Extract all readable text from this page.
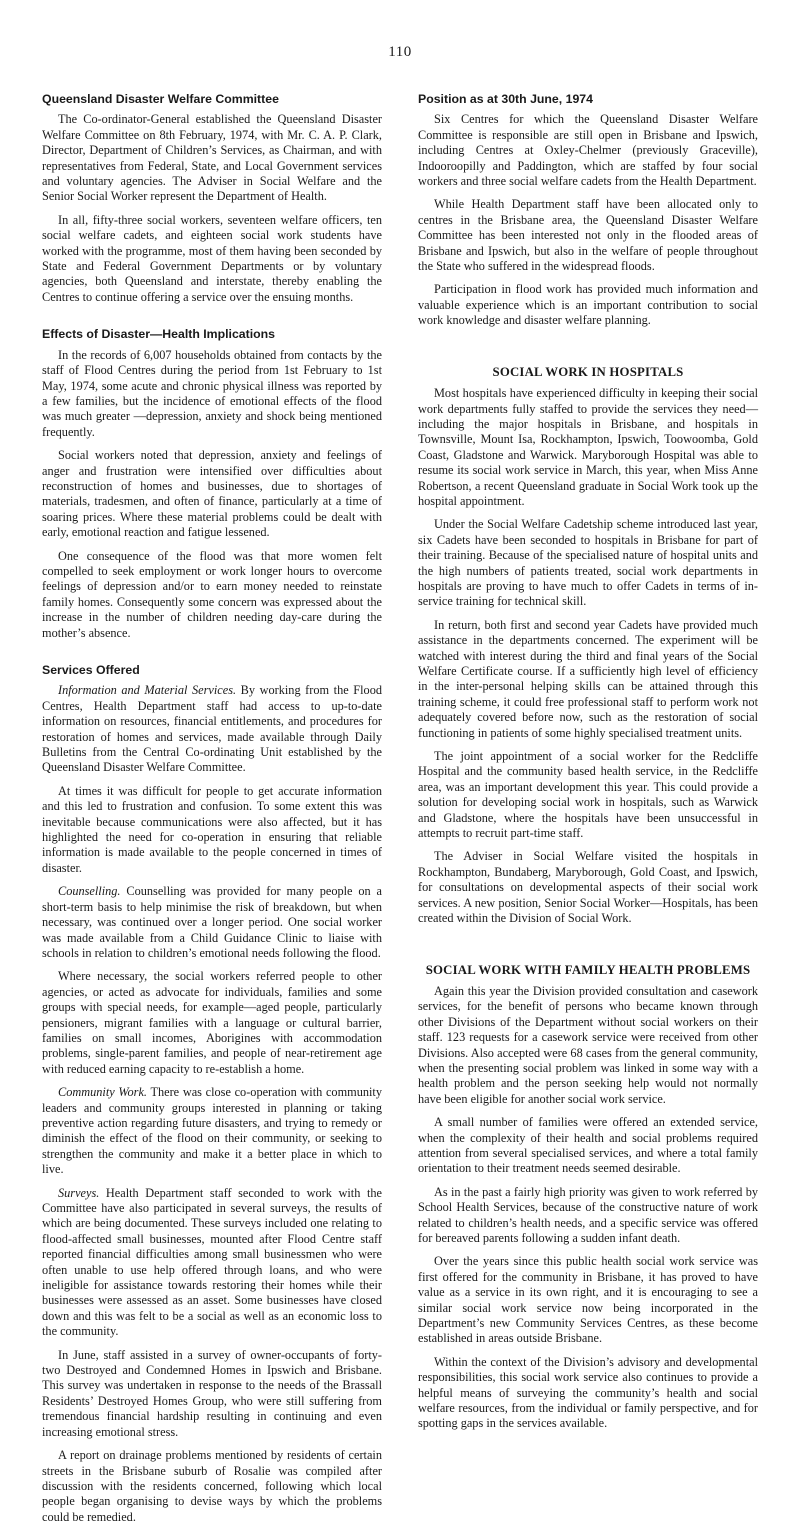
110
Queensland Disaster Welfare Committee

The Co-ordinator-General established the Queensland Disaster Welfare Committee on 8th February, 1974, with Mr. C. A. P. Clark, Director, Department of Children’s Services, as Chairman, and with representatives from Federal, State, and Local Government services and voluntary agencies. The Adviser in Social Welfare and the Senior Social Worker represent the Department of Health.

In all, fifty-three social workers, seventeen welfare officers, ten social welfare cadets, and eighteen social work students have worked with the programme, most of them having been seconded by State and Federal Government Departments or by voluntary agencies, both Queensland and interstate, thereby enabling the Centres to continue offering a service over the ensuing months.

Effects of Disaster—Health Implications

In the records of 6,007 households obtained from contacts by the staff of Flood Centres during the period from 1st February to 1st May, 1974, some acute and chronic physical illness was reported by a few families, but the incidence of emotional effects of the flood was much greater —depression, anxiety and shock being mentioned frequently.

Social workers noted that depression, anxiety and feelings of anger and frustration were intensified over difficulties about reconstruction of homes and businesses, due to shortages of materials, tradesmen, and often of finance, particularly at a time of soaring prices. Where these material problems could be dealt with early, emotional reaction and fatigue lessened.

One consequence of the flood was that more women felt compelled to seek employment or work longer hours to overcome feelings of depression and/or to earn money needed to reinstate family homes. Consequently some concern was expressed about the increase in the number of children needing day-care during the mother’s absence.

Services Offered

Information and Material Services. By working from the Flood Centres, Health Department staff had access to up-to-date information on resources, financial entitlements, and procedures for restoration of homes and services, made available through Daily Bulletins from the Central Co-ordinating Unit established by the Queensland Disaster Welfare Committee.

At times it was difficult for people to get accurate information and this led to frustration and confusion. To some extent this was inevitable because communications were also affected, but it has highlighted the need for co-operation in ensuring that reliable information is made available to the people concerned in times of disaster.

Counselling. Counselling was provided for many people on a short-term basis to help minimise the risk of breakdown, but when necessary, was continued over a longer period. One social worker was made available from a Child Guidance Clinic to liaise with schools in relation to children’s emotional needs following the flood.

Where necessary, the social workers referred people to other agencies, or acted as advocate for individuals, families and some groups with special needs, for example—aged people, particularly pensioners, migrant families with a language or cultural barrier, families on small incomes, Aborigines with accommodation problems, single-parent families, and people of near-retirement age with reduced earning capacity to re-establish a home.

Community Work. There was close co-operation with community leaders and community groups interested in planning or taking preventive action regarding future disasters, and trying to remedy or diminish the effect of the flood on their community, or seeking to strengthen the community and make it a better place in which to live.

Surveys. Health Department staff seconded to work with the Committee have also participated in several surveys, the results of which are being documented. These surveys included one relating to flood-affected small businesses, mounted after Flood Centre staff reported financial difficulties among small businessmen who were often unable to use help offered through loans, and who were ineligible for assistance towards restoring their homes while their businesses were assessed as an asset. Some businesses have closed down and this was felt to be a social as well as an economic loss to the community.

In June, staff assisted in a survey of owner-occupants of forty-two Destroyed and Condemned Homes in Ipswich and Brisbane. This survey was undertaken in response to the needs of the Brassall Residents’ Destroyed Homes Group, who were still suffering from tremendous financial hardship resulting in continuing and even increasing emotional stress.

A report on drainage problems mentioned by residents of certain streets in the Brisbane suburb of Rosalie was compiled after discussion with the residents concerned, following which local people began organising to devise ways by which the problems could be remedied.

Position as at 30th June, 1974

Six Centres for which the Queensland Disaster Welfare Committee is responsible are still open in Brisbane and Ipswich, including Centres at Oxley-Chelmer (previously Graceville), Indooroopilly and Paddington, which are staffed by four social workers and three social welfare cadets from the Health Department.

While Health Department staff have been allocated only to centres in the Brisbane area, the Queensland Disaster Welfare Committee has been interested not only in the flooded areas of Brisbane and Ipswich, but also in the welfare of people throughout the State who suffered in the widespread floods.

Participation in flood work has provided much information and valuable experience which is an important contribution to social work knowledge and disaster welfare planning.

SOCIAL WORK IN HOSPITALS

Most hospitals have experienced difficulty in keeping their social work departments fully staffed to provide the services they need—including the major hospitals in Brisbane, and hospitals in Townsville, Mount Isa, Rockhampton, Ipswich, Toowoomba, Gold Coast, Gladstone and Warwick. Maryborough Hospital was able to resume its social work service in March, this year, when Miss Anne Robertson, a recent Queensland graduate in Social Work took up the hospital appointment.

Under the Social Welfare Cadetship scheme introduced last year, six Cadets have been seconded to hospitals in Brisbane for part of their training. Because of the specialised nature of hospital units and the high numbers of patients treated, social work departments in hospitals are proving to have much to offer Cadets in terms of in-service training for technical skill.

In return, both first and second year Cadets have provided much assistance in the departments concerned. The experiment will be watched with interest during the third and final years of the Social Welfare Certificate course. If a sufficiently high level of efficiency in the inter-personal helping skills can be attained through this training scheme, it could free professional staff to perform work not adequately covered before now, such as the restoration of social functioning in patients of some highly specialised treatment units.

The joint appointment of a social worker for the Redcliffe Hospital and the community based health service, in the Redcliffe area, was an important development this year. This could provide a solution for developing social work in hospitals, such as Warwick and Gladstone, where the hospitals have been unsuccessful in attempts to recruit part-time staff.

The Adviser in Social Welfare visited the hospitals in Rockhampton, Bundaberg, Maryborough, Gold Coast, and Ipswich, for consultations on developmental aspects of their social work services. A new position, Senior Social Worker—Hospitals, has been created within the Division of Social Work.

SOCIAL WORK WITH FAMILY HEALTH PROBLEMS

Again this year the Division provided consultation and casework services, for the benefit of persons who became known through other Divisions of the Department without social workers on their staff. 123 requests for a casework service were received from other Divisions. Also accepted were 68 cases from the general community, when the presenting social problem was linked in some way with a health problem and the person seeking help would not normally have been eligible for another social work service.

A small number of families were offered an extended service, when the complexity of their health and social problems required attention from several specialised services, and where a total family orientation to their treatment needs seemed desirable.

As in the past a fairly high priority was given to work referred by School Health Services, because of the constructive nature of work related to children’s health needs, and a specific service was offered for bereaved parents following a sudden infant death.

Over the years since this public health social work service was first offered for the community in Brisbane, it has proved to have value as a service in its own right, and it is encouraging to see a similar social work service now being incorporated in the Department’s new Community Services Centres, as these become established in areas outside Brisbane.

Within the context of the Division’s advisory and developmental responsibilities, this social work service also continues to provide a helpful means of surveying the community’s health and social welfare resources, from the individual or family perspective, and for spotting gaps in the services available.
